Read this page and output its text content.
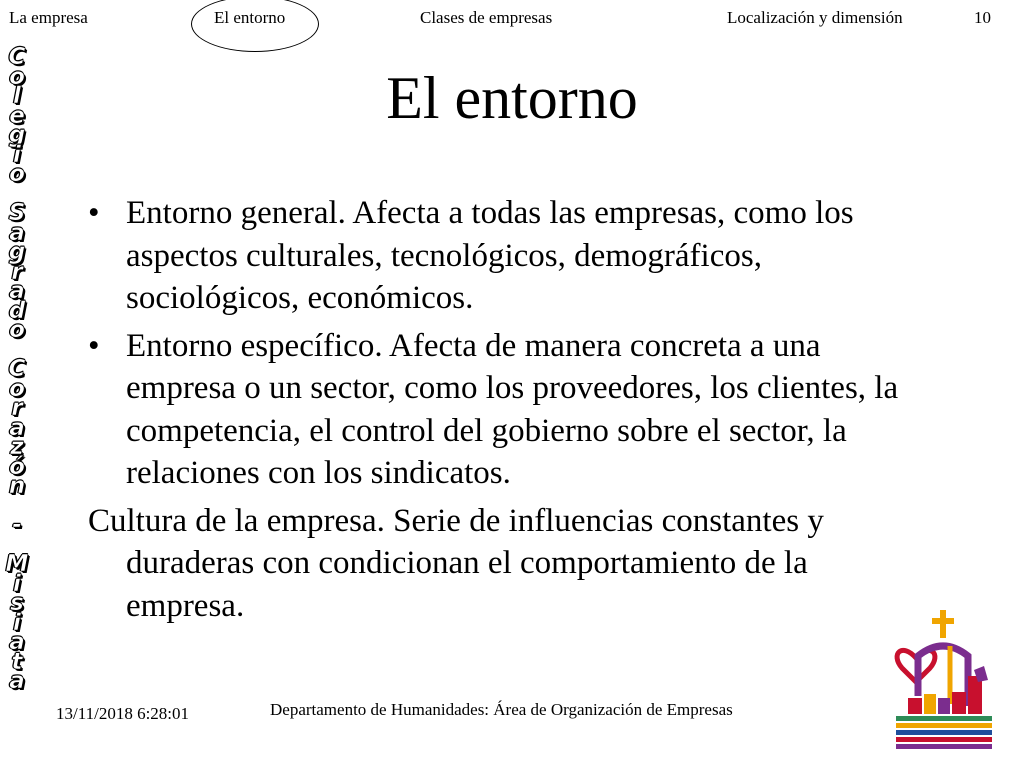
La empresa	El entorno	Clases de empresas	Localización y dimensión	10
C
o
l
e
g
i
o

S
a
g
r
a
d
o

C
o
r
a
z
ó
n

-

M
i
s
i
a
t
a
El entorno
• Entorno general. Afecta a todas las empresas, como los aspectos culturales, tecnológicos, demográficos, sociológicos, económicos.
• Entorno específico. Afecta de manera concreta a una empresa o un sector, como los proveedores, los clientes, la competencia, el control del gobierno sobre el sector, la relaciones con los sindicatos.
Cultura de la empresa. Serie de influencias constantes y duraderas con condicionan el comportamiento de la empresa.
13/11/2018 6:28:01	Departamento de Humanidades: Área de Organización de Empresas
